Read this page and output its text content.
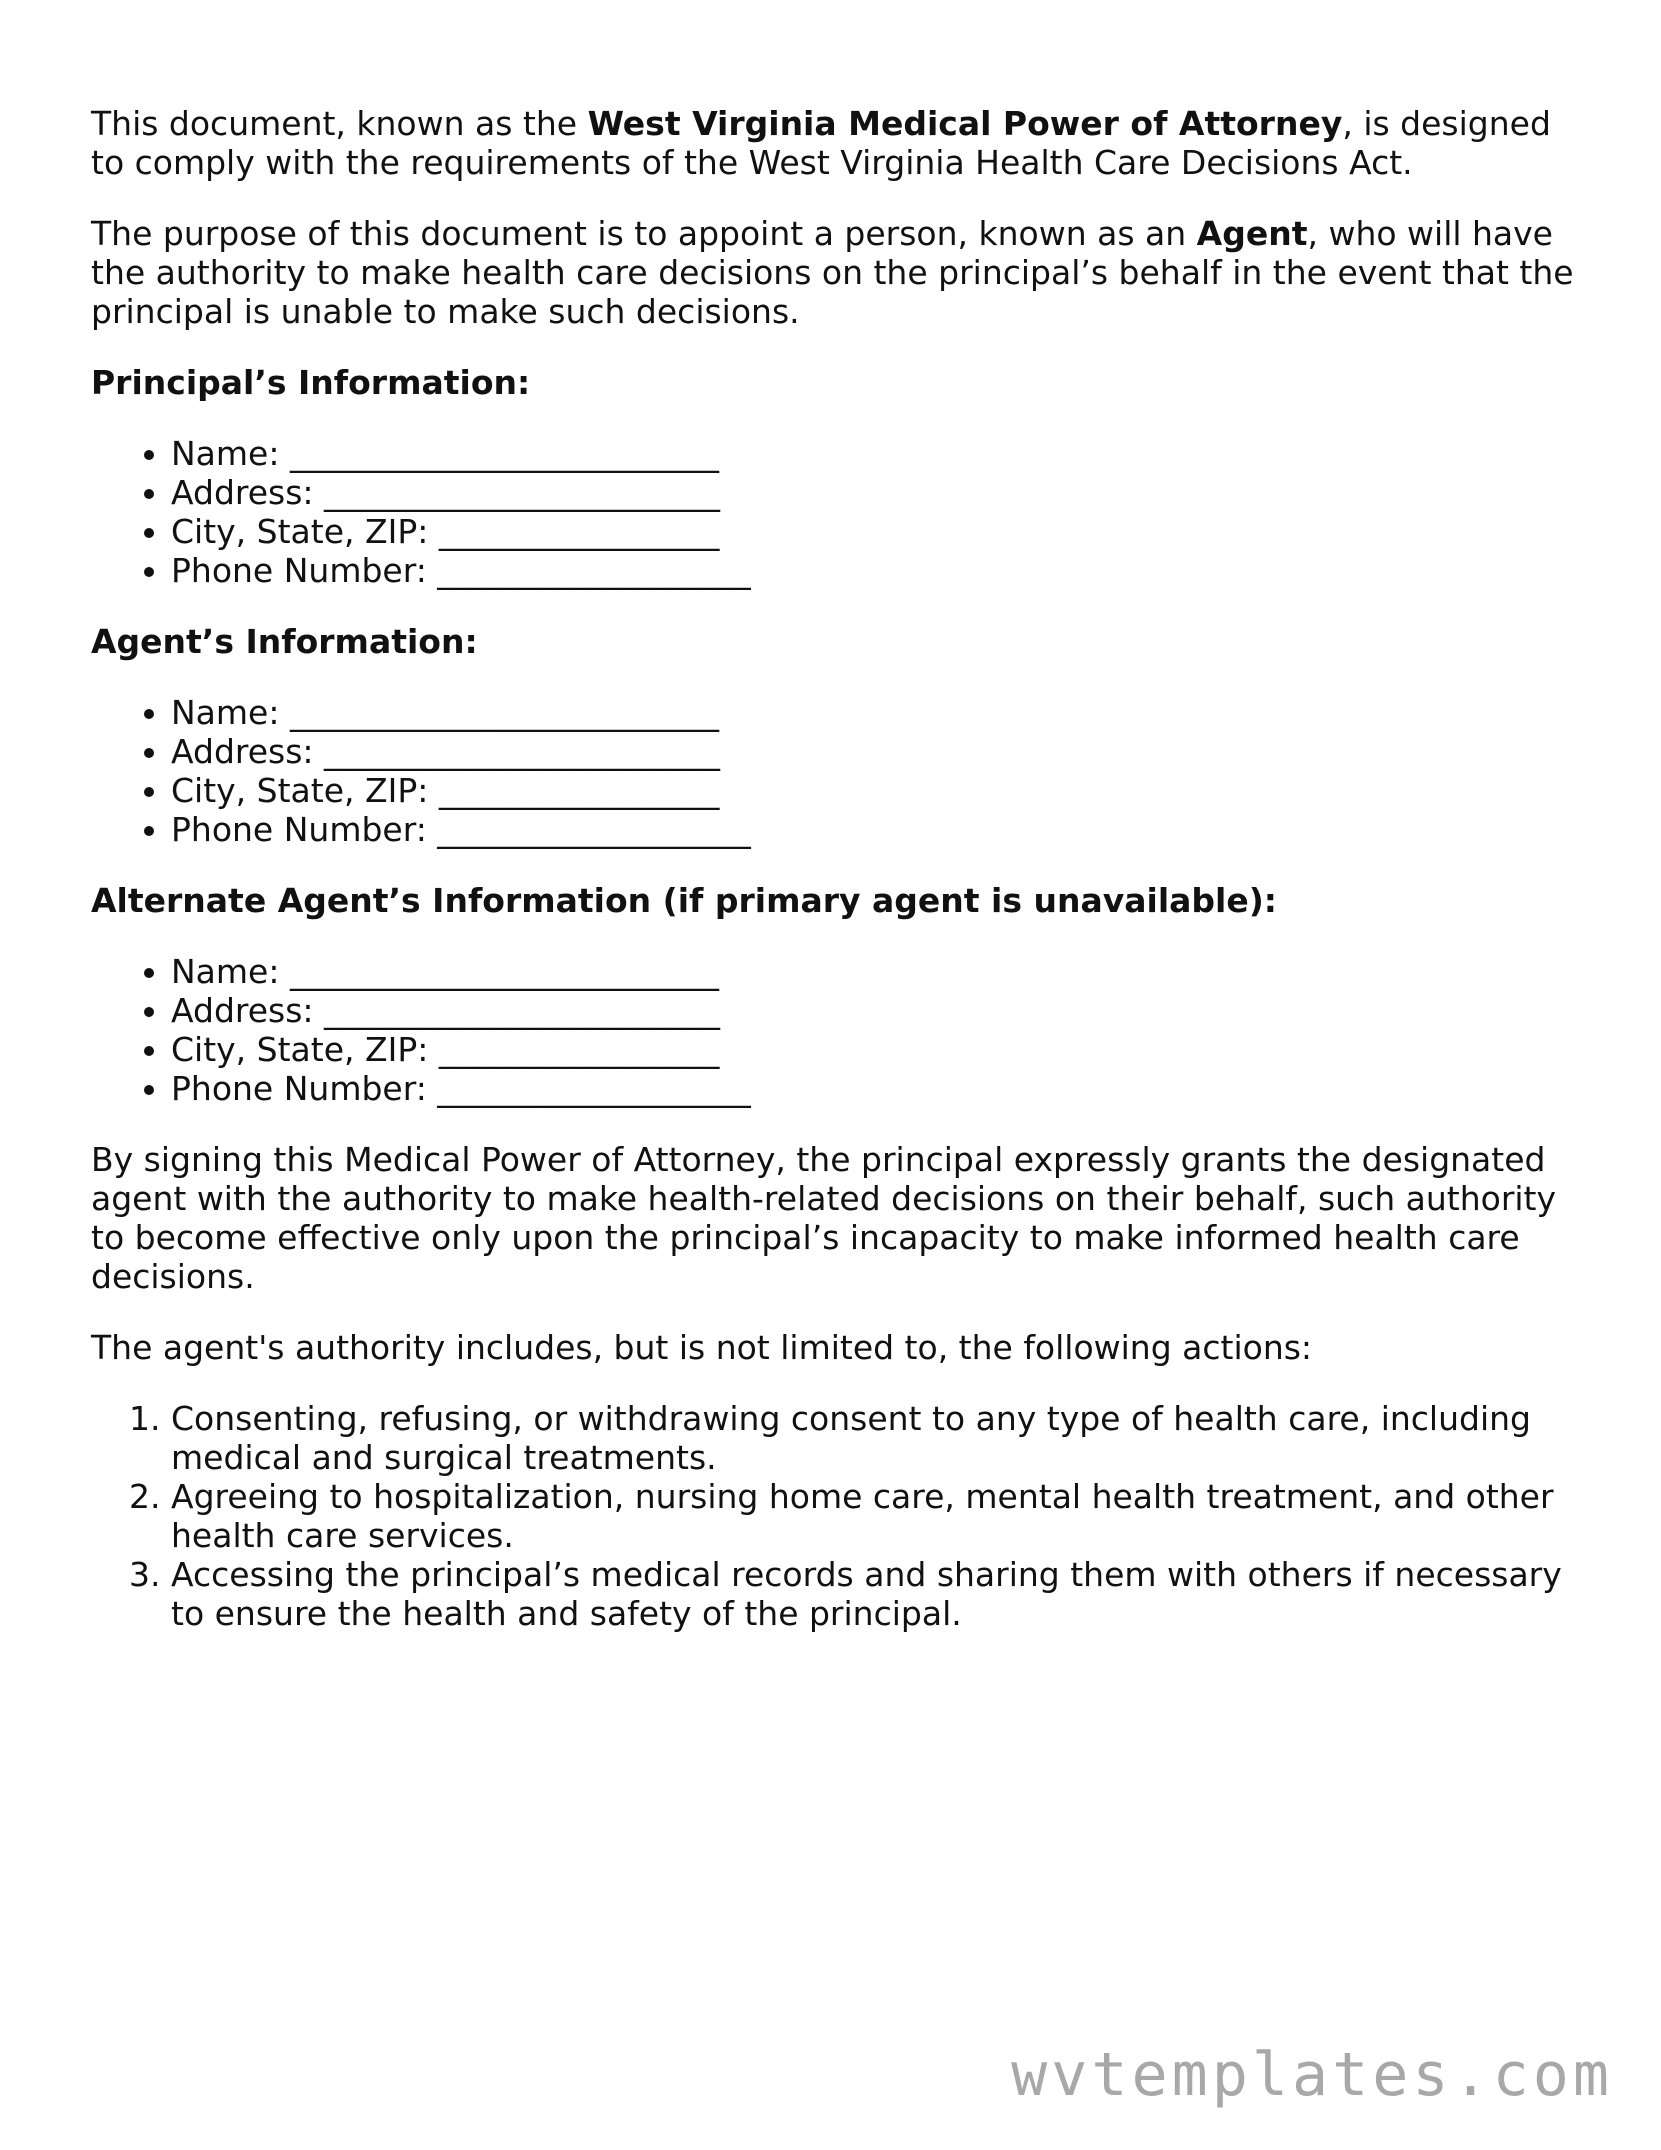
This document, known as the West Virginia Medical Power of Attorney, is designed to comply with the requirements of the West Virginia Health Care Decisions Act.

The purpose of this document is to appoint a person, known as an Agent, who will have the authority to make health care decisions on the principal’s behalf in the event that the principal is unable to make such decisions.

Principal’s Information:
• Name: __________________________
• Address: ________________________
• City, State, ZIP: _________________
• Phone Number: ___________________
Agent’s Information:
• Name: __________________________
• Address: ________________________
• City, State, ZIP: _________________
• Phone Number: ___________________
Alternate Agent’s Information (if primary agent is unavailable):
• Name: __________________________
• Address: ________________________
• City, State, ZIP: _________________
• Phone Number: ___________________

By signing this Medical Power of Attorney, the principal expressly grants the designated agent with the authority to make health-related decisions on their behalf, such authority to become effective only upon the principal’s incapacity to make informed health care decisions.

The agent's authority includes, but is not limited to, the following actions:

1. Consenting, refusing, or withdrawing consent to any type of health care, including medical and surgical treatments.
2. Agreeing to hospitalization, nursing home care, mental health treatment, and other health care services.
3. Accessing the principal’s medical records and sharing them with others if necessary to ensure the health and safety of the principal.
wvtemplates.com
